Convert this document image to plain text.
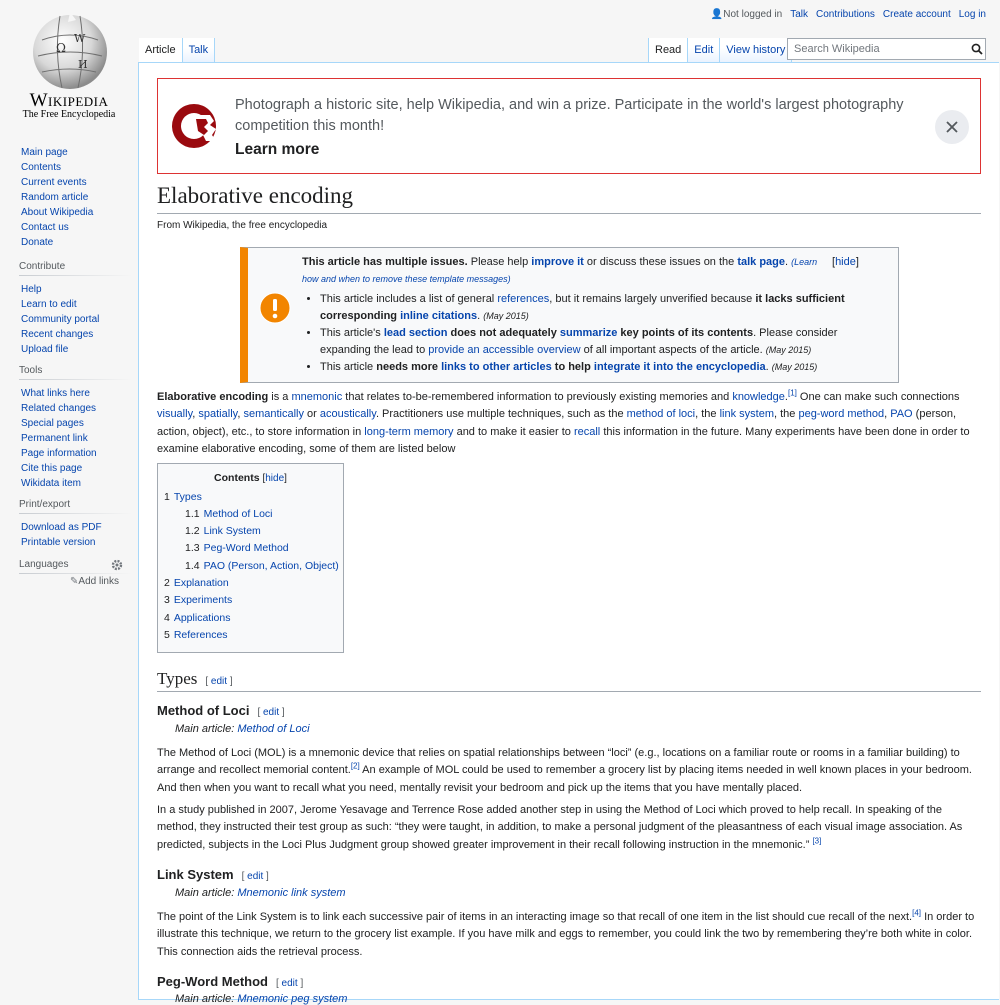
Ω
W
И
Wikipedia
The Free Encyclopedia
Main page
Contents
Current events
Random article
About Wikipedia
Contact us
Donate
Contribute
Help
Learn to edit
Community portal
Recent changes
Upload file
Tools
What links here
Related changes
Special pages
Permanent link
Page information
Cite this page
Wikidata item
Print/export
Download as PDF
Printable version
Languages
✎Add links
👤Not logged in Talk Contributions Create account Log in
Article	Talk	Read	Edit	View history Search Wikipedia
Photograph a historic site, help Wikipedia, and win a prize. Participate in the world's largest photography competition this month!
Learn more
Elaborative encoding
From Wikipedia, the free encyclopedia
This article has multiple issues. Please help improve it or discuss these issues on the talk page. (Learn how and when to remove these template messages)
[hide]
• This article includes a list of general references, but it remains largely unverified because it lacks sufficient corresponding inline citations. (May 2015)
• This article's lead section does not adequately summarize key points of its contents. Please consider expanding the lead to provide an accessible overview of all important aspects of the article. (May 2015)
• This article needs more links to other articles to help integrate it into the encyclopedia. (May 2015)
Elaborative encoding is a mnemonic that relates to-be-remembered information to previously existing memories and knowledge.[1] One can make such connections visually, spatially, semantically or acoustically. Practitioners use multiple techniques, such as the method of loci, the link system, the peg-word method, PAO (person, action, object), etc., to store information in long-term memory and to make it easier to recall this information in the future. Many experiments have been done in order to examine elaborative encoding, some of them are listed below
Contents [hide]
1 Types
1.1 Method of Loci
1.2 Link System
1.3 Peg-Word Method
1.4 PAO (Person, Action, Object)
2 Explanation
3 Experiments
4 Applications
5 References
Types [ edit ]
Method of Loci [ edit ]
Main article: Method of Loci
The Method of Loci (MOL) is a mnemonic device that relies on spatial relationships between “loci” (e.g., locations on a familiar route or rooms in a familiar building) to arrange and recollect memorial content.[2] An example of MOL could be used to remember a grocery list by placing items needed in well known places in your bedroom. And then when you want to recall what you need, mentally revisit your bedroom and pick up the items that you have mentally placed.
In a study published in 2007, Jerome Yesavage and Terrence Rose added another step in using the Method of Loci which proved to help recall. In speaking of the method, they instructed their test group as such: “they were taught, in addition, to make a personal judgment of the pleasantness of each visual image association. As predicted, subjects in the Loci Plus Judgment group showed greater improvement in their recall following instruction in the mnemonic.” [3]
Link System [ edit ]
Main article: Mnemonic link system
The point of the Link System is to link each successive pair of items in an interacting image so that recall of one item in the list should cue recall of the next.[4] In order to illustrate this technique, we return to the grocery list example. If you have milk and eggs to remember, you could link the two by remembering they’re both white in color. This connection aids the retrieval process.
Peg-Word Method [ edit ]
Main article: Mnemonic peg system
